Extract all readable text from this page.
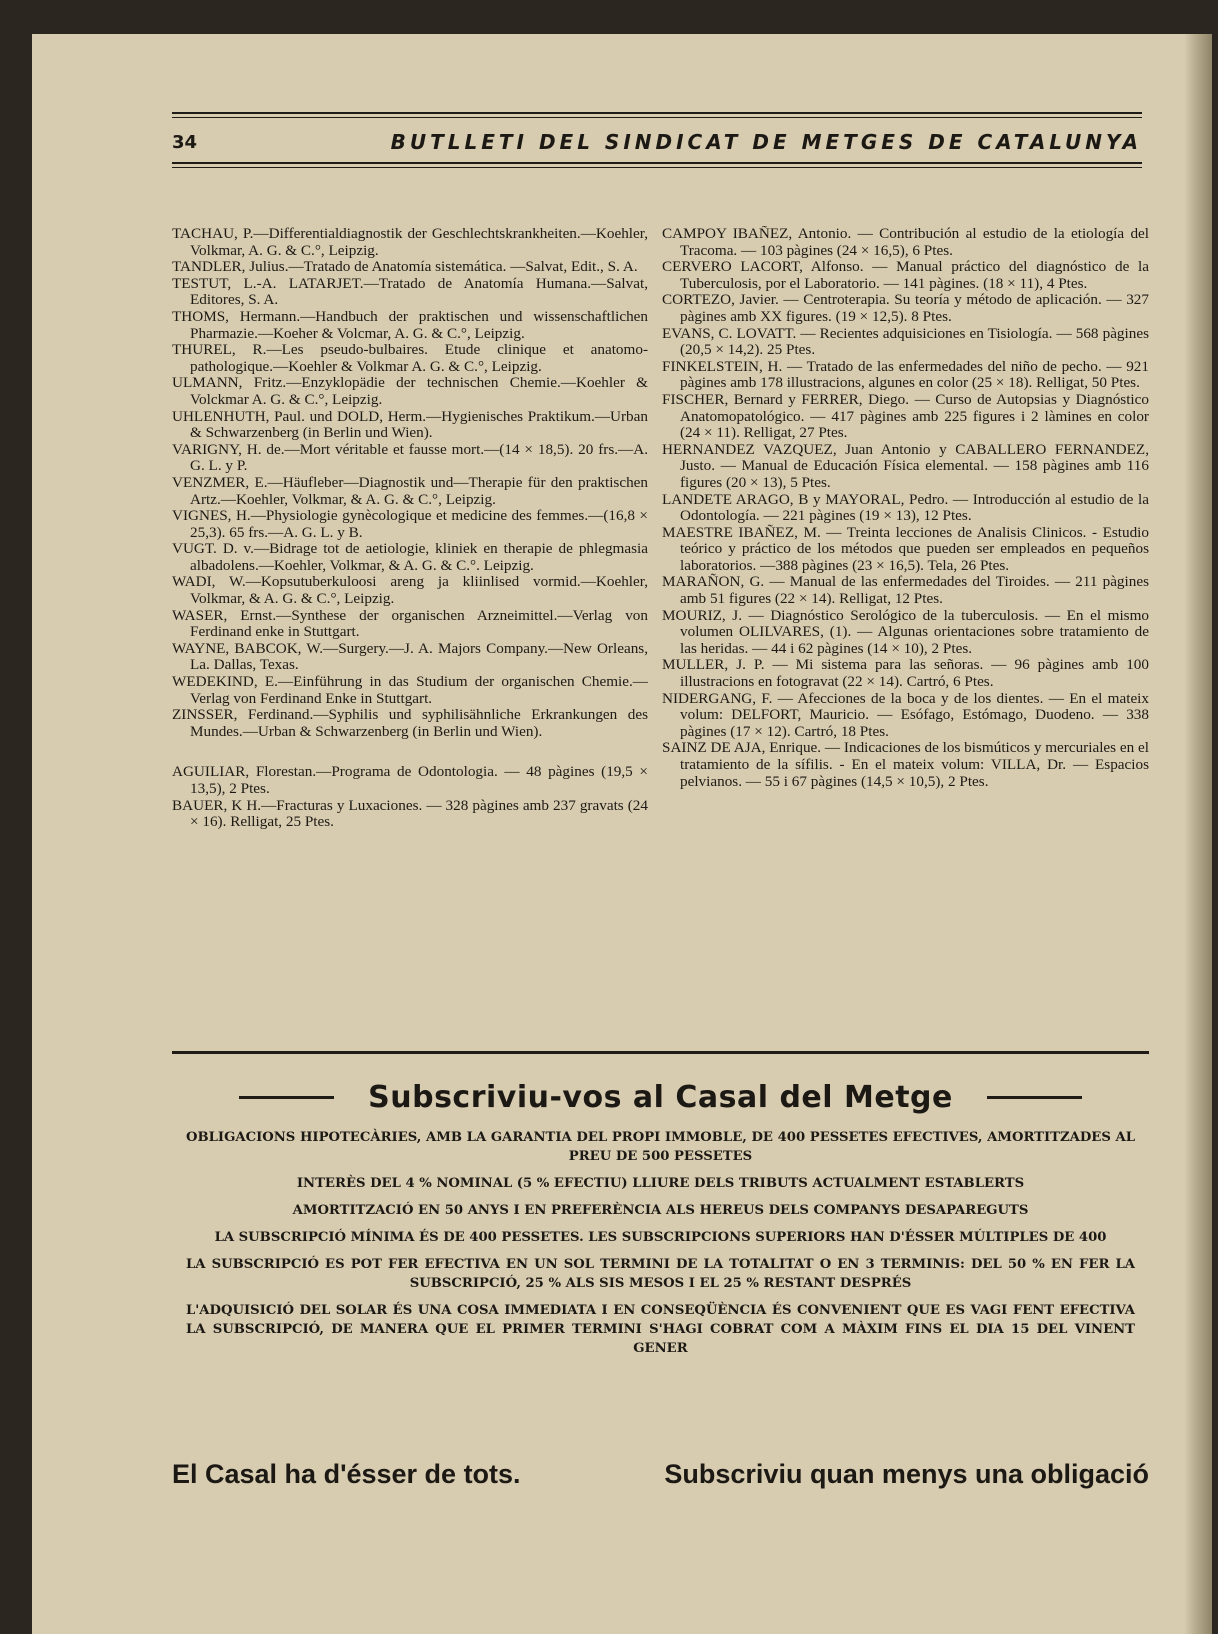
34	BUTLLETI DEL SINDICAT DE METGES DE CATALUNYA

TACHAU, P.—Differentialdiagnostik der Geschlechtskrankheiten.—Koehler, Volkmar, A. G. & C.°, Leipzig.

TANDLER, Julius.—Tratado de Anatomía sistemática. —Salvat, Edit., S. A.

TESTUT, L.-A. LATARJET.—Tratado de Anatomía Humana.—Salvat, Editores, S. A.

THOMS, Hermann.—Handbuch der praktischen und wissenschaftlichen Pharmazie.—Koeher & Volcmar, A. G. & C.°, Leipzig.

THUREL, R.—Les pseudo-bulbaires. Etude clinique et anatomo-pathologique.—Koehler & Volkmar A. G. & C.°, Leipzig.

ULMANN, Fritz.—Enzyklopädie der technischen Chemie.—Koehler & Volckmar A. G. & C.°, Leipzig.

UHLENHUTH, Paul. und DOLD, Herm.—Hygienisches Praktikum.—Urban & Schwarzenberg (in Berlin und Wien).

VARIGNY, H. de.—Mort véritable et fausse mort.—(14 × 18,5). 20 frs.—A. G. L. y P.

VENZMER, E.—Häufleber—Diagnostik und—Therapie für den praktischen Artz.—Koehler, Volkmar, & A. G. & C.°, Leipzig.

VIGNES, H.—Physiologie gynècologique et medicine des femmes.—(16,8 × 25,3). 65 frs.—A. G. L. y B.

VUGT. D. v.—Bidrage tot de aetiologie, kliniek en therapie de phlegmasia albadolens.—Koehler, Volkmar, & A. G. & C.°. Leipzig.

WADI, W.—Kopsutuberkuloosi areng ja kliinlised vormid.—Koehler, Volkmar, & A. G. & C.°, Leipzig.

WASER, Ernst.—Synthese der organischen Arzneimittel.—Verlag von Ferdinand enke in Stuttgart.

WAYNE, BABCOK, W.—Surgery.—J. A. Majors Company.—New Orleans, La. Dallas, Texas.

WEDEKIND, E.—Einführung in das Studium der organischen Chemie.—Verlag von Ferdinand Enke in Stuttgart.

ZINSSER, Ferdinand.—Syphilis und syphilisähnliche Erkrankungen des Mundes.—Urban & Schwarzenberg (in Berlin und Wien).

AGUILIAR, Florestan.—Programa de Odontologia. — 48 pàgines (19,5 × 13,5), 2 Ptes.

BAUER, K H.—Fracturas y Luxaciones. — 328 pàgines amb 237 gravats (24 × 16). Relligat, 25 Ptes.

CAMPOY IBAÑEZ, Antonio. — Contribución al estudio de la etiología del Tracoma. — 103 pàgines (24 × 16,5), 6 Ptes.

CERVERO LACORT, Alfonso. — Manual práctico del diagnóstico de la Tuberculosis, por el Laboratorio. — 141 pàgines. (18 × 11), 4 Ptes.

CORTEZO, Javier. — Centroterapia. Su teoría y método de aplicación. — 327 pàgines amb XX figures. (19 × 12,5). 8 Ptes.

EVANS, C. LOVATT. — Recientes adquisiciones en Tisiología. — 568 pàgines (20,5 × 14,2). 25 Ptes.

FINKELSTEIN, H. — Tratado de las enfermedades del niño de pecho. — 921 pàgines amb 178 illustracions, algunes en color (25 × 18). Relligat, 50 Ptes.

FISCHER, Bernard y FERRER, Diego. — Curso de Autopsias y Diagnóstico Anatomopatológico. — 417 pàgines amb 225 figures i 2 làmines en color (24 × 11). Relligat, 27 Ptes.

HERNANDEZ VAZQUEZ, Juan Antonio y CABALLERO FERNANDEZ, Justo. — Manual de Educación Física elemental. — 158 pàgines amb 116 figures (20 × 13), 5 Ptes.

LANDETE ARAGO, B y MAYORAL, Pedro. — Introducción al estudio de la Odontología. — 221 pàgines (19 × 13), 12 Ptes.

MAESTRE IBAÑEZ, M. — Treinta lecciones de Analisis Clinicos. - Estudio teórico y práctico de los métodos que pueden ser empleados en pequeños laboratorios. —388 pàgines (23 × 16,5). Tela, 26 Ptes.

MARAÑON, G. — Manual de las enfermedades del Tiroides. — 211 pàgines amb 51 figures (22 × 14). Relligat, 12 Ptes.

MOURIZ, J. — Diagnóstico Serológico de la tuberculosis. — En el mismo volumen OLILVARES, (1). — Algunas orientaciones sobre tratamiento de las heridas. — 44 i 62 pàgines (14 × 10), 2 Ptes.

MULLER, J. P. — Mi sistema para las señoras. — 96 pàgines amb 100 illustracions en fotogravat (22 × 14). Cartró, 6 Ptes.

NIDERGANG, F. — Afecciones de la boca y de los dientes. — En el mateix volum: DELFORT, Mauricio. — Esófago, Estómago, Duodeno. — 338 pàgines (17 × 12). Cartró, 18 Ptes.

SAINZ DE AJA, Enrique. — Indicaciones de los bismúticos y mercuriales en el tratamiento de la sífilis. - En el mateix volum: VILLA, Dr. — Espacios pelvianos. — 55 i 67 pàgines (14,5 × 10,5), 2 Ptes.

Subscriviu-vos al Casal del Metge

OBLIGACIONS HIPOTECÀRIES, AMB LA GARANTIA DEL PROPI IMMOBLE, DE 400 PESSETES EFECTIVES, AMORTITZADES AL PREU DE 500 PESSETES

INTERÈS DEL 4 % NOMINAL (5 % EFECTIU) LLIURE DELS TRIBUTS ACTUALMENT ESTABLERTS

AMORTITZACIÓ EN 50 ANYS I EN PREFERÈNCIA ALS HEREUS DELS COMPANYS DESAPAREGUTS

LA SUBSCRIPCIÓ MÍNIMA ÉS DE 400 PESSETES. LES SUBSCRIPCIONS SUPERIORS HAN D'ÉSSER MÚLTIPLES DE 400

LA SUBSCRIPCIÓ ES POT FER EFECTIVA EN UN SOL TERMINI DE LA TOTALITAT O EN 3 TERMINIS: DEL 50 % EN FER LA SUBSCRIPCIÓ, 25 % ALS SIS MESOS I EL 25 % RESTANT DESPRÉS

L'ADQUISICIÓ DEL SOLAR ÉS UNA COSA IMMEDIATA I EN CONSEQÜÈNCIA ÉS CONVENIENT QUE ES VAGI FENT EFECTIVA LA SUBSCRIPCIÓ, DE MANERA QUE EL PRIMER TERMINI S'HAGI COBRAT COM A MÀXIM FINS EL DIA 15 DEL VINENT GENER

El Casal ha d'ésser de tots.	Subscriviu quan menys una obligació
